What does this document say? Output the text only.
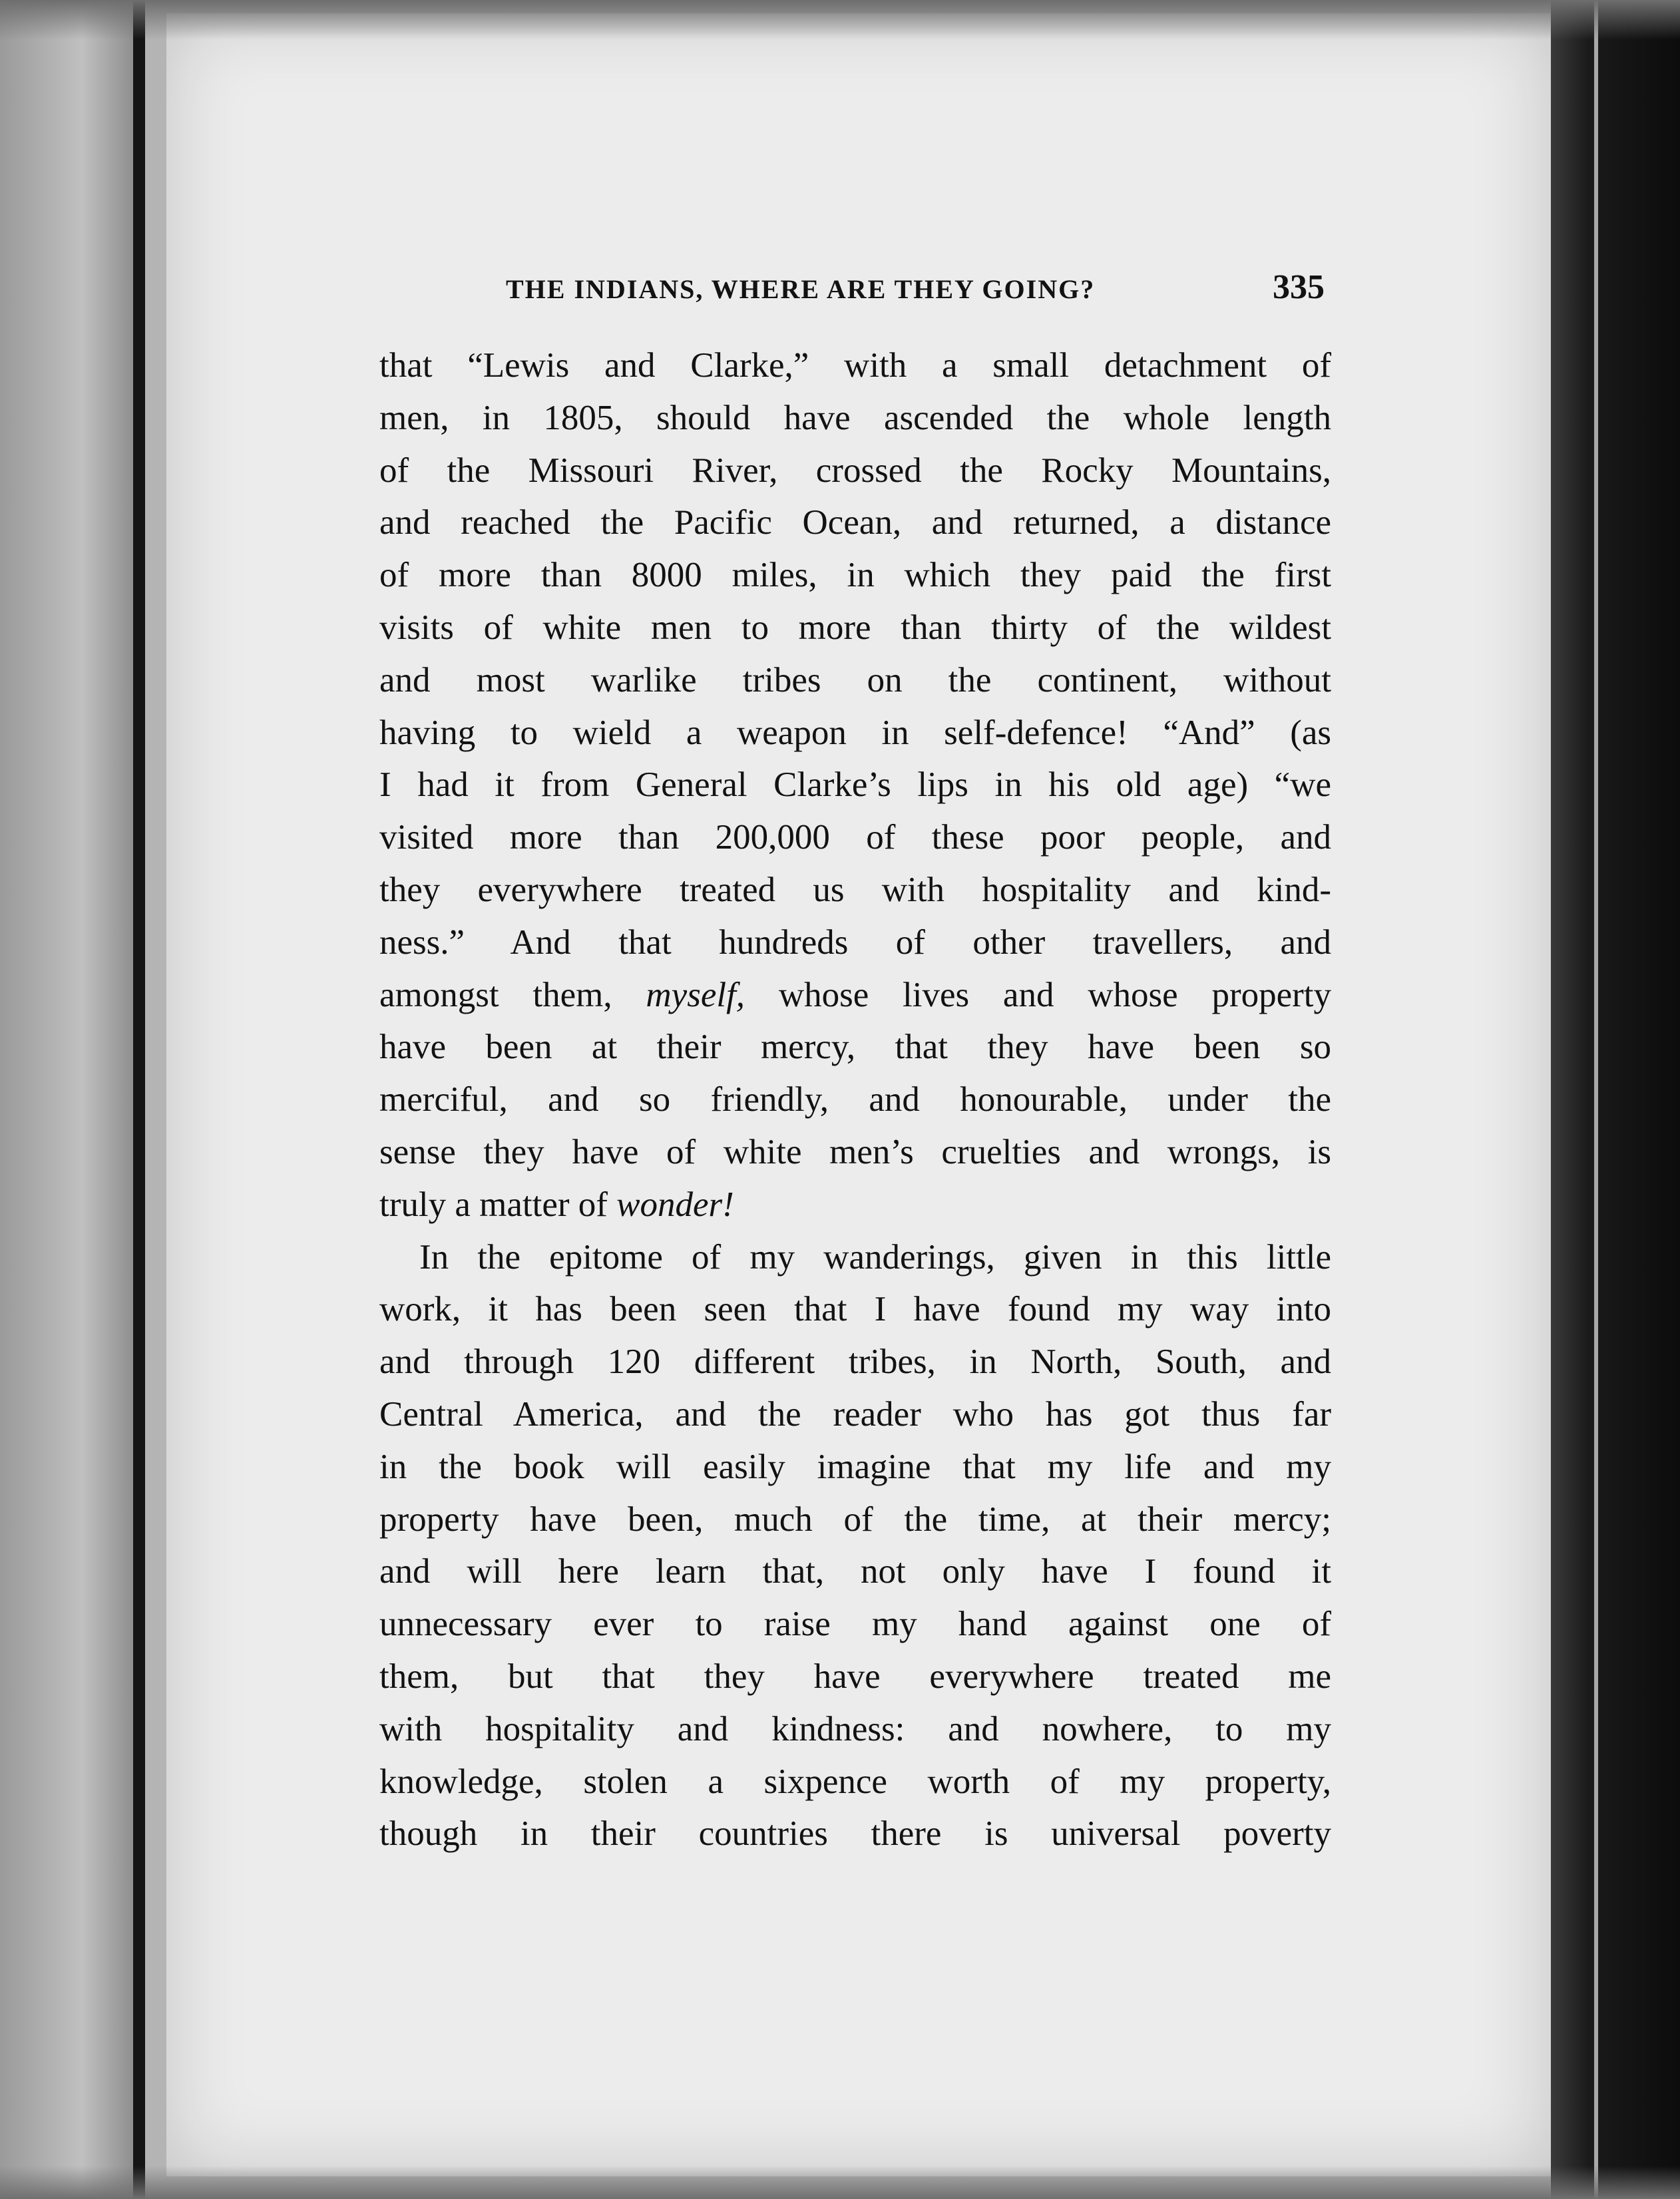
THE INDIANS, WHERE ARE THEY GOING?	335
that “Lewis and Clarke,” with a small detachment of
men, in 1805, should have ascended the whole length
of the Missouri River, crossed the Rocky Mountains,
and reached the Pacific Ocean, and returned, a distance
of more than 8000 miles, in which they paid the first
visits of white men to more than thirty of the wildest
and most warlike tribes on the continent, without
having to wield a weapon in self-defence! “And” (as
I had it from General Clarke’s lips in his old age) “we
visited more than 200,000 of these poor people, and
they everywhere treated us with hospitality and kind-
ness.” And that hundreds of other travellers, and
amongst them, myself, whose lives and whose property
have been at their mercy, that they have been so
merciful, and so friendly, and honourable, under the
sense they have of white men’s cruelties and wrongs, is
truly a matter of wonder!
In the epitome of my wanderings, given in this little
work, it has been seen that I have found my way into
and through 120 different tribes, in North, South, and
Central America, and the reader who has got thus far
in the book will easily imagine that my life and my
property have been, much of the time, at their mercy;
and will here learn that, not only have I found it
unnecessary ever to raise my hand against one of
them, but that they have everywhere treated me
with hospitality and kindness: and nowhere, to my
knowledge, stolen a sixpence worth of my property,
though in their countries there is universal poverty
